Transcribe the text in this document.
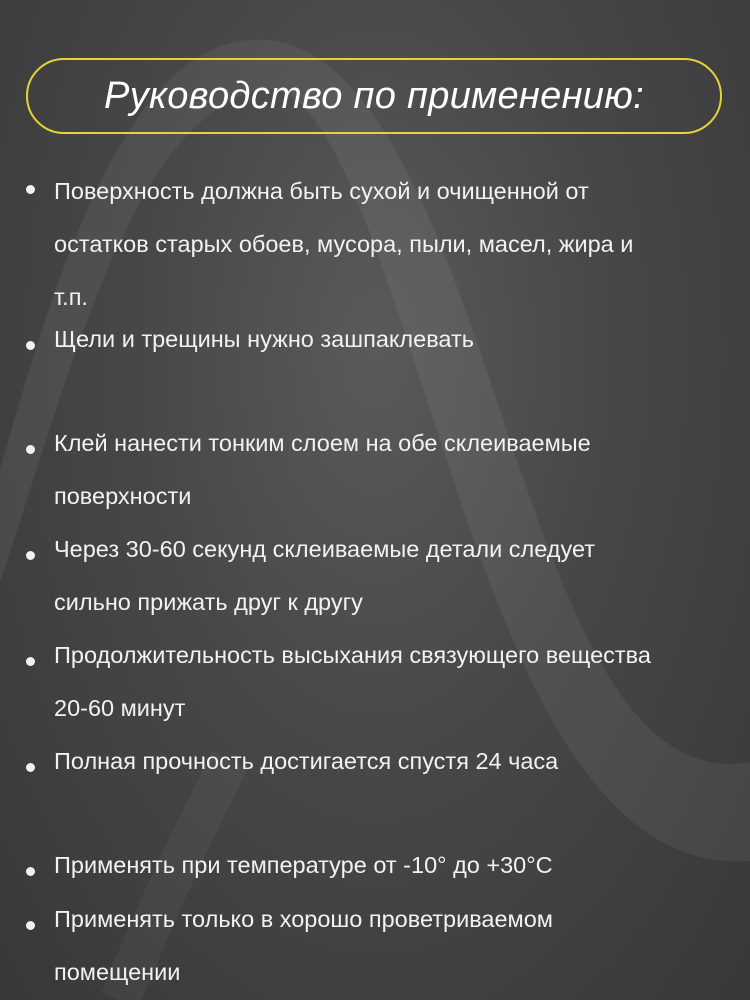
Руководство по применению:
Поверхность должна быть сухой и очищенной от
остатков старых обоев, мусора, пыли, масел, жира и
т.п.
Щели и трещины нужно зашпаклевать
Клей нанести тонким слоем на обе склеиваемые
поверхности
Через 30-60 секунд склеиваемые детали следует
сильно прижать друг к другу
Продолжительность высыхания связующего вещества
20-60 минут
Полная прочность достигается спустя 24 часа
Применять при температуре от -10° до +30°С
Применять только в хорошо проветриваемом
помещении
